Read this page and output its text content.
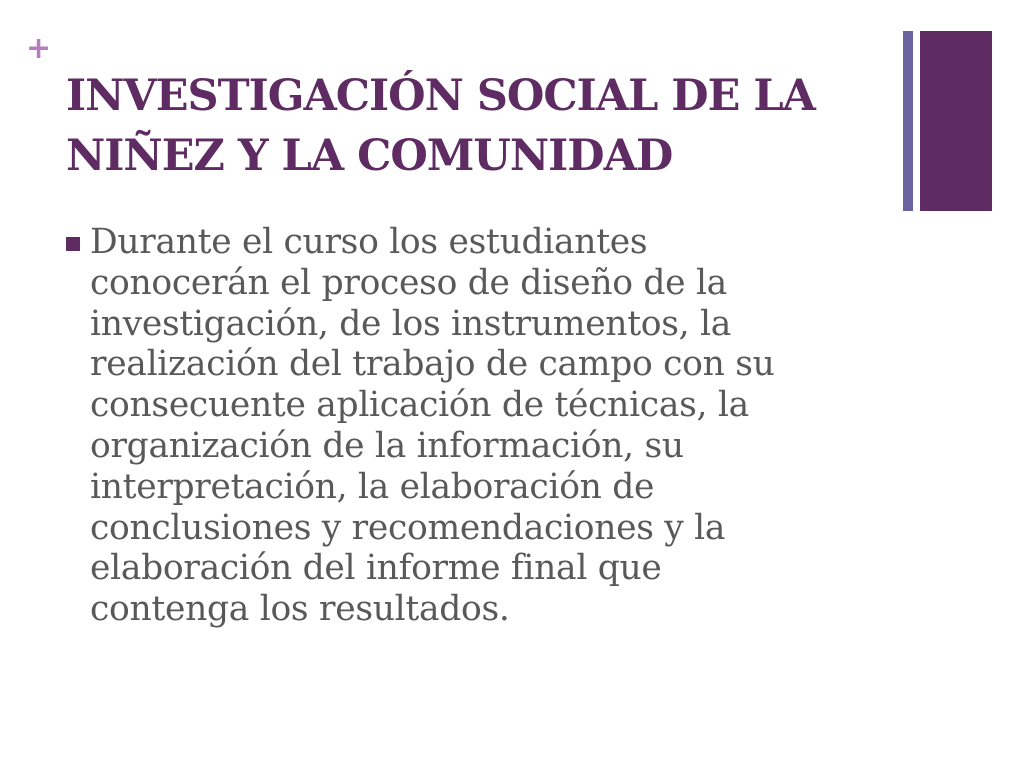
+
INVESTIGACIÓN SOCIAL DE LA
NIÑEZ Y LA COMUNIDAD
Durante el curso los estudiantes
conocerán el proceso de diseño de la
investigación, de los instrumentos, la
realización del trabajo de campo con su
consecuente aplicación de técnicas, la
organización de la información, su
interpretación, la elaboración de
conclusiones y recomendaciones y la
elaboración del informe final que
contenga los resultados.
